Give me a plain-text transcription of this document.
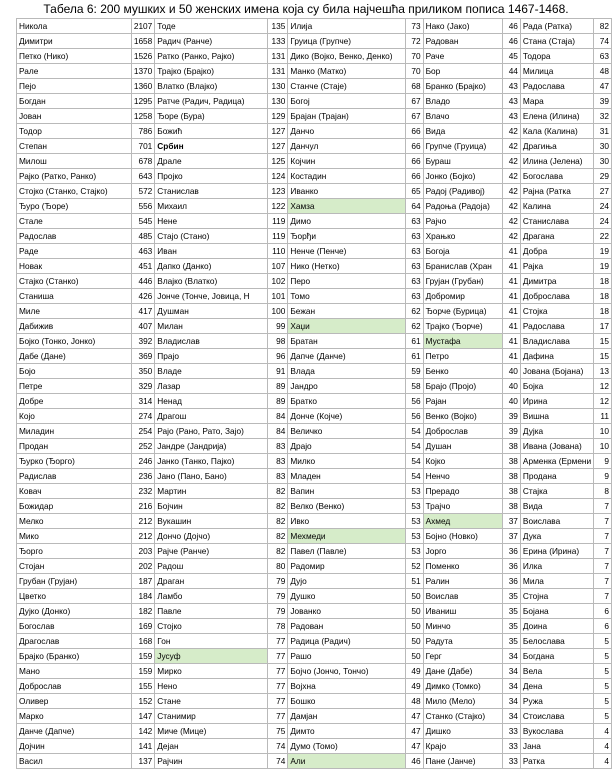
Табела 6: 200 мушких и 50 женских имена која су била најчешћа приликом пописа 1467-1468.
Никола	2107	Тоде	135	Илија	73	Нако (Јако)	46	Рада (Ратка)	82
Димитри	1658	Радич (Ранче)	133	Груица (Групче)	72	Радован	46	Стана (Стаја)	74
Петко (Нико)	1526	Ратко (Ранко, Рајко)	131	Дико (Војко, Венко, Денко)	70	Рачe	45	Тодора	63
Рале	1370	Трајко (Брајко)	131	Манко (Матко)	70	Бор	44	Милица	48
Пејо	1360	Влатко (Влајко)	130	Станче (Стаје)	68	Бранко (Брајко)	43	Радослава	47
Богдан	1295	Ратче (Радич, Радица)	130	Богој	67	Владо	43	Мара	39
Јован	1258	Ђоре (Бура)	129	Брајан (Трајан)	67	Влачо	43	Елена (Илина)	32
Тодор	786	Божић	127	Данчо	66	Вида	42	Кала (Калина)	31
Степан	701	Србин	127	Данчул	66	Групче (Груица)	42	Драгиња	30
Милош	678	Драле	125	Којчин	66	Бураш	42	Илина (Јелена)	30
Рајко (Ратко, Ранко)	643	Пројко	124	Костадин	66	Јонко (Бојко)	42	Богослава	29
Стојко (Станко, Стајко)	572	Станислав	123	Иванко	65	Радој (Радивој)	42	Рајна (Ратка	27
Ђуро (Ђоре)	556	Михаил	122	Хамза	64	Радоња (Радоја)	42	Калина	24
Стале	545	Нене	119	Димо	63	Рајчо	42	Станислава	24
Радослав	485	Стајо (Стано)	119	Ђорђи	63	Храњко	42	Драгана	22
Раде	463	Иван	110	Ненче (Пенче)	63	Богоја	41	Добра	19
Новак	451	Дапко (Данко)	107	Нико (Нетко)	63	Бранислав (Хран	41	Рајка	19
Стајко (Станко)	446	Влајко (Влатко)	102	Перо	63	Грујан (Грубан)	41	Димитра	18
Станиша	426	Јонче (Тонче, Јовица, Н	101	Томо	63	Добромир	41	Доброслава	18
Миле	417	Душман	100	Бежан	62	Ђорче (Бурица)	41	Стојка	18
Дабижив	407	Милан	99	Хаџи	62	Трајко (Ђорче)	41	Радослава	17
Бојко (Тонко, Јонко)	392	Владислав	98	Братан	61	Мустафа	41	Владислава	15
Дабе (Дане)	369	Прајо	96	Дапче (Данче)	61	Петро	41	Дафина	15
Бојо	350	Владе	91	Влада	59	Бенко	40	Јована (Бојана)	13
Петре	329	Лазар	89	Јандро	58	Браjo (Пројо)	40	Бојка	12
Добре	314	Ненад	89	Братко	56	Рајан	40	Ирина	12
Којо	274	Драгош	84	Дончe (Којче)	56	Венко (Војко)	39	Вишна	11
Миладин	254	Рајо (Рано, Рато, Зајо)	84	Величко	54	Доброслав	39	Дујка	10
Продан	252	Јандре (Јандрија)	83	Драјо	54	Душан	38	Ивана (Јована)	10
Ђурко (Ђорго)	246	Јанко (Танко, Пајко)	83	Милко	54	Којко	38	Арменка (Ермени	9
Радислав	236	Јано (Пано, Бано)	83	Младен	54	Ненчо	38	Продана	9
Ковач	232	Мартин	82	Вапин	53	Прерадо	38	Стајка	8
Божидар	216	Бојчин	82	Велко (Венко)	53	Трајчо	38	Вида	7
Мелко	212	Вукашин	82	Ивко	53	Ахмед	37	Воислава	7
Мико	212	Дончо (Дојчо)	82	Мехмеди	53	Бојно (Новко)	37	Дука	7
Ђорго	203	Рајче (Ранче)	82	Павел (Павле)	53	Jорго	36	Ерина (Ирина)	7
Стојан	202	Радош	80	Радомир	52	Поменко	36	Илка	7
Грубан (Грујан)	187	Драган	79	Дујо	51	Ралин	36	Мила	7
Цветко	184	Ламбо	79	Душко	50	Воислав	35	Стојна	7
Дујко (Донко)	182	Павле	79	Јованко	50	Иваниш	35	Бојана	6
Богослав	169	Стојко	78	Радован	50	Минчо	35	Доина	6
Драгослав	168	Гон	77	Радица (Радич)	50	Радута	35	Белослава	5
Брајко (Бранко)	159	Јусуф	77	Рашо	50	Герг	34	Богдана	5
Мано	159	Мирко	77	Бојчо (Јончо, Тончо)	49	Дане (Дабе)	34	Вела	5
Доброслав	155	Нено	77	Војхна	49	Димко (Томко)	34	Дена	5
Оливер	152	Стане	77	Бошко	48	Мило (Мелo)	34	Ружа	5
Марко	147	Станимир	77	Дамјан	47	Станко (Стајко)	34	Стоислава	5
Данче (Дапче)	142	Миче (Мице)	75	Димто	47	Дишко	33	Вукослава	4
Дојчин	141	Дејан	74	Думо (Томо)	47	Крајо	33	Јана	4
Васил	137	Рајчин	74	Али	46	Пане (Јанче)	33	Ратка	4
